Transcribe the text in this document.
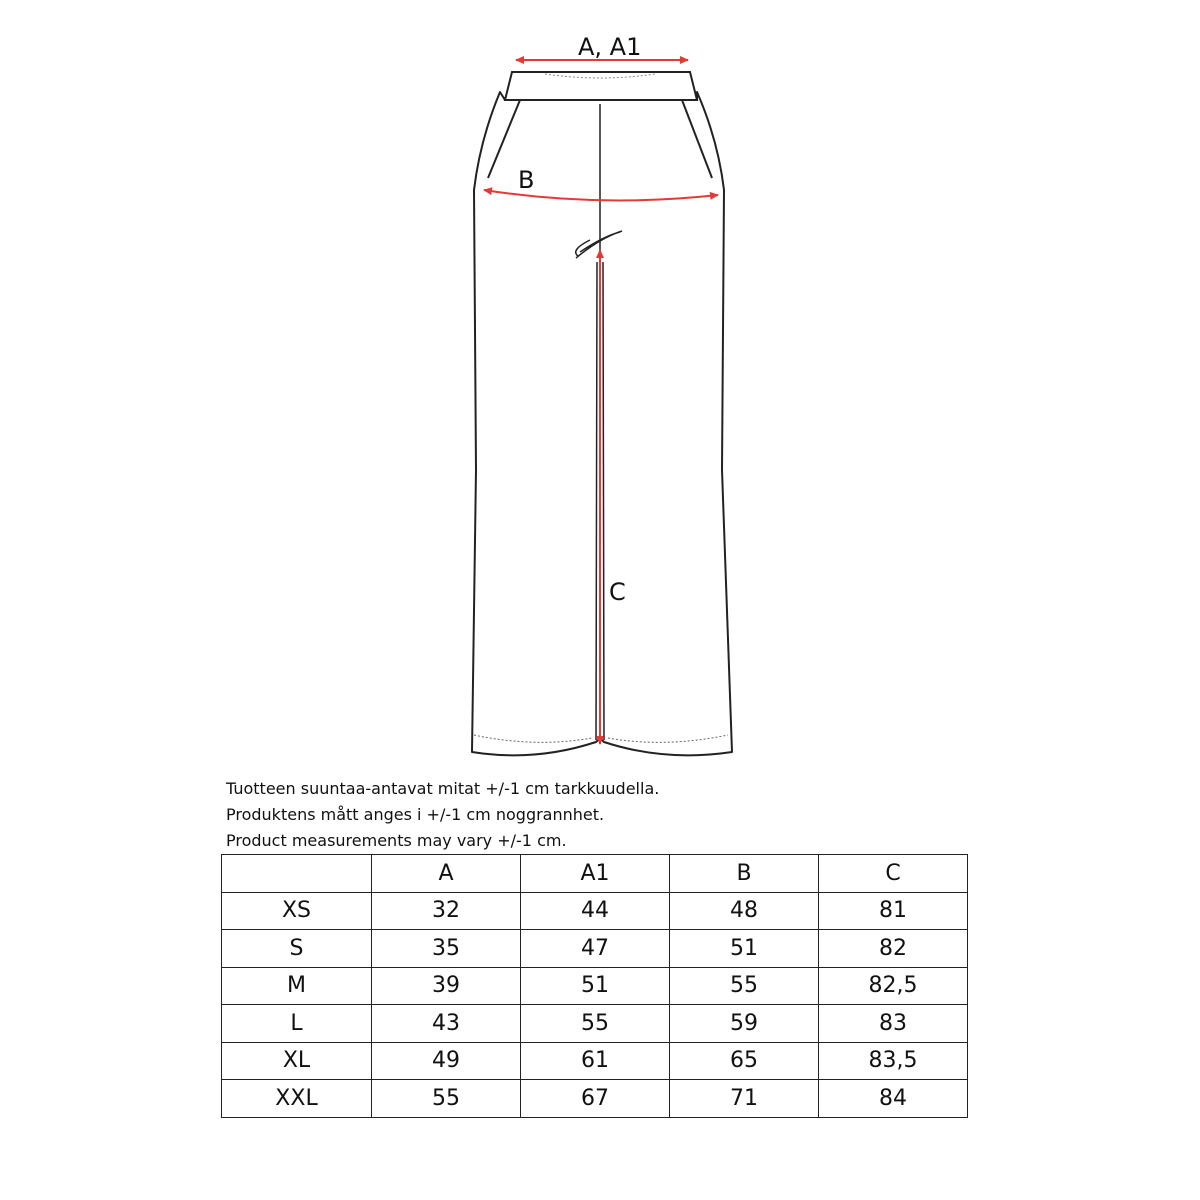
A, A1
B
C
Tuotteen suuntaa-antavat mitat +/-1 cm tarkkuudella.
Produktens mått anges i +/-1 cm noggrannhet.
Product measurements may vary +/-1 cm.
	A	A1	B	C
XS	32	44	48	81
S	35	47	51	82
M	39	51	55	82,5
L	43	55	59	83
XL	49	61	65	83,5
XXL	55	67	71	84
